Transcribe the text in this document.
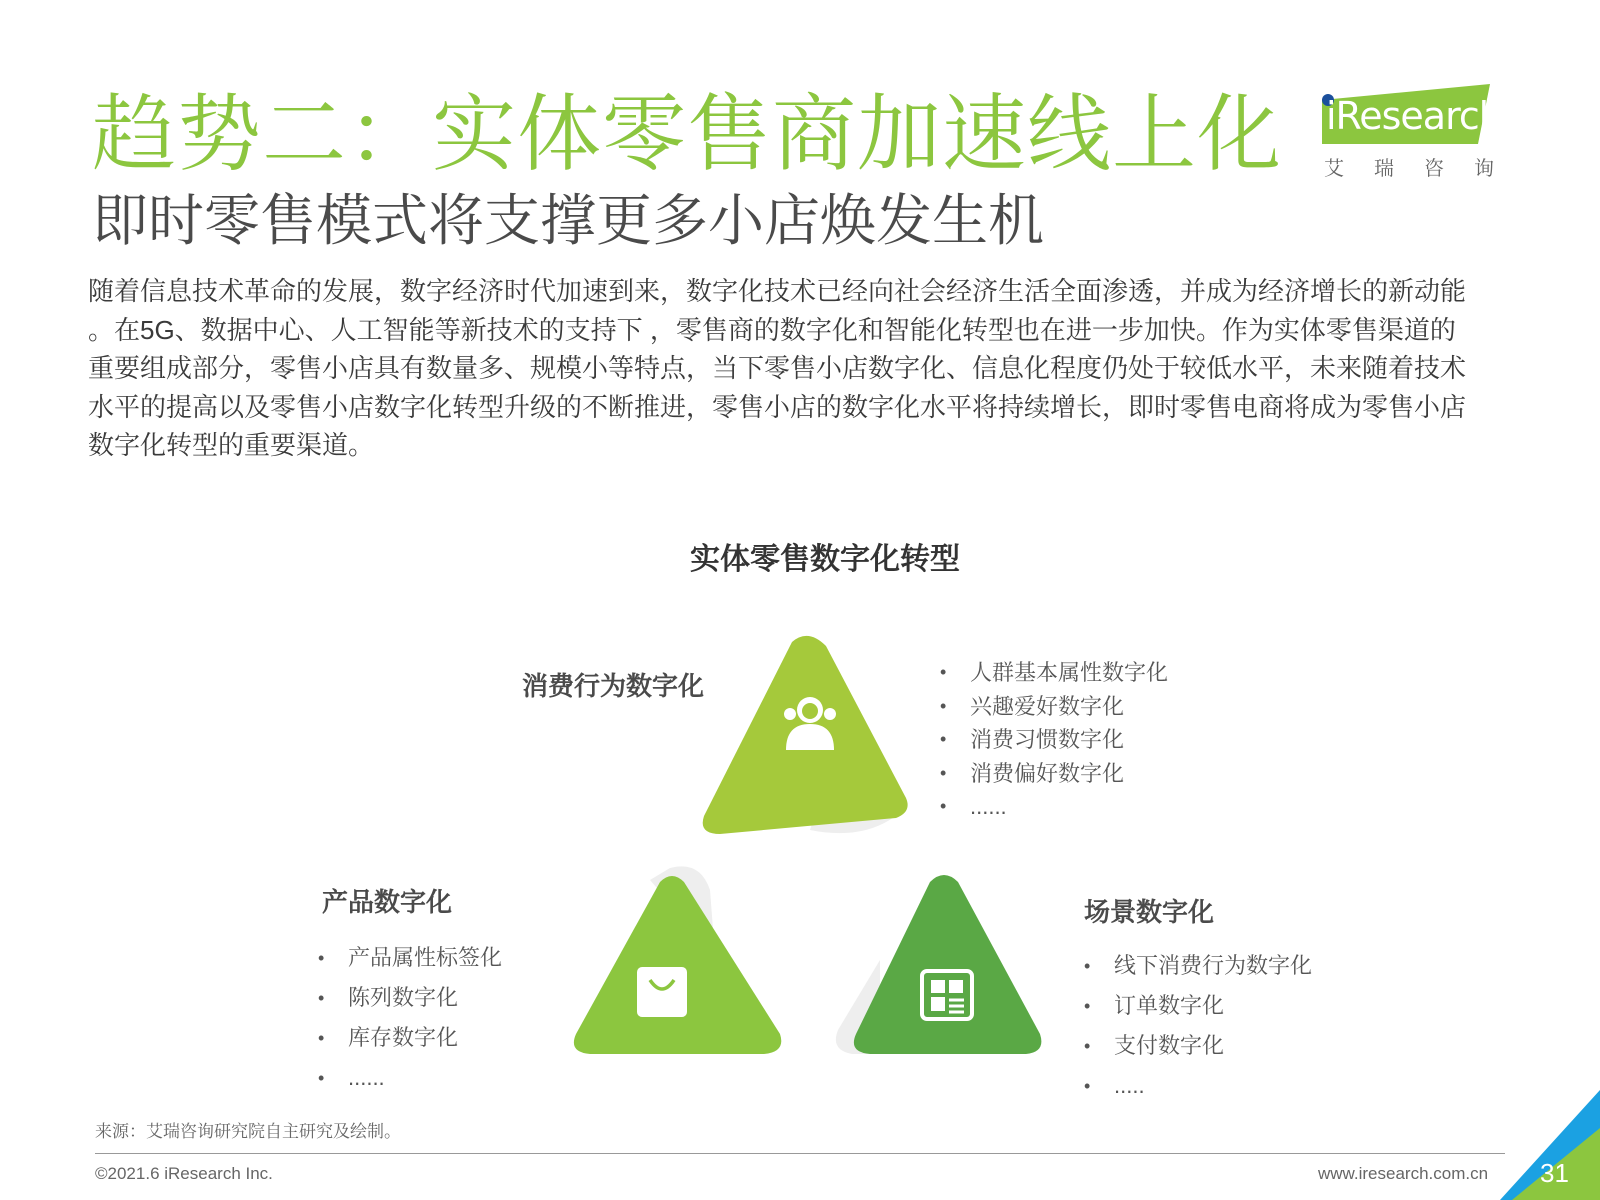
趋势二：实体零售商加速线上化
即时零售模式将支撑更多小店焕发生机
iResearch
艾瑞咨询

随着信息技术革命的发展，数字经济时代加速到来，数字化技术已经向社会经济生活全面渗透，并成为经济增长的新动能
。在5G、数据中心、人工智能等新技术的支持下 ，零售商的数字化和智能化转型也在进一步加快。作为实体零售渠道的
重要组成部分，零售小店具有数量多、规模小等特点，当下零售小店数字化、信息化程度仍处于较低水平，未来随着技术
水平的提高以及零售小店数字化转型升级的不断推进，零售小店的数字化水平将持续增长，即时零售电商将成为零售小店
数字化转型的重要渠道。

实体零售数字化转型
消费行为数字化
•	人群基本属性数字化
• 兴趣爱好数字化
• 消费习惯数字化
• 消费偏好数字化
• ......
产品数字化
• 产品属性标签化
• 陈列数字化
• 库存数字化
• ......
场景数字化
• 线下消费行为数字化
• 订单数字化
• 支付数字化
• .....
来源：艾瑞咨询研究院自主研究及绘制。
©2021.6 iResearch Inc.	www.iresearch.com.cn 31
